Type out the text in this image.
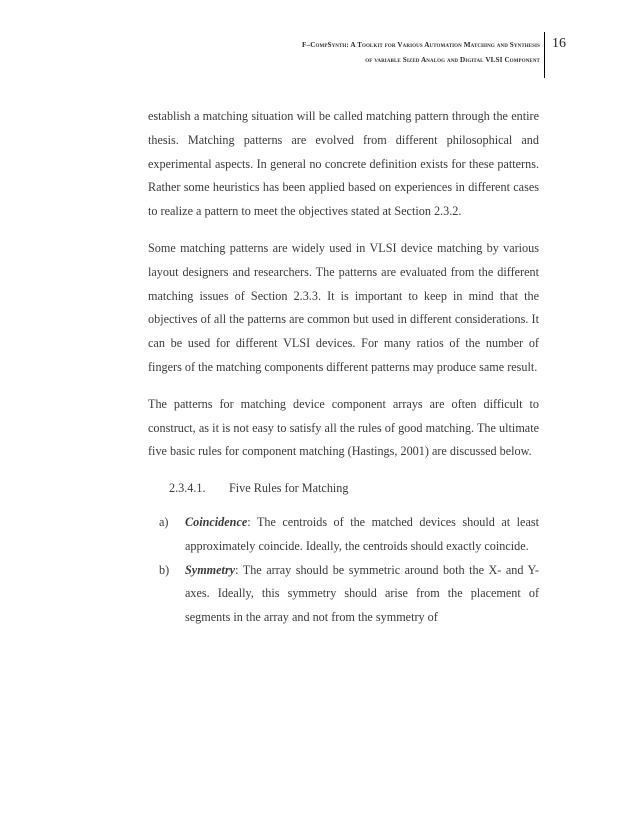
F–CompSynth: A Toolkit for Various Automation Matching and Synthesis
of variable Sized Analog and Digital VLSI Component
16

establish a matching situation will be called matching pattern through the entire thesis. Matching patterns are evolved from different philosophical and experimental aspects. In general no concrete definition exists for these patterns. Rather some heuristics has been applied based on experiences in different cases to realize a pattern to meet the objectives stated at Section 2.3.2.

Some matching patterns are widely used in VLSI device matching by various layout designers and researchers. The patterns are evaluated from the different matching issues of Section 2.3.3. It is important to keep in mind that the objectives of all the patterns are common but used in different considerations. It can be used for different VLSI devices. For many ratios of the number of fingers of the matching components different patterns may produce same result.

The patterns for matching device component arrays are often difficult to construct, as it is not easy to satisfy all the rules of good matching. The ultimate five basic rules for component matching (Hastings, 2001) are discussed below.

2.3.4.1. Five Rules for Matching
a) Coincidence: The centroids of the matched devices should at least approximately coincide. Ideally, the centroids should exactly coincide.
b) Symmetry: The array should be symmetric around both the X- and Y-axes. Ideally, this symmetry should arise from the placement of segments in the array and not from the symmetry of
